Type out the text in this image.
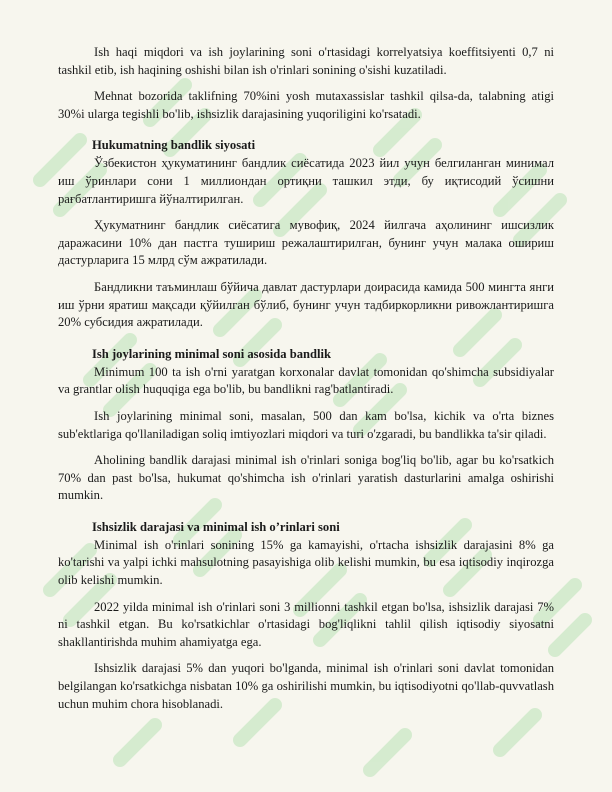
Ish haqi miqdori va ish joylarining soni o'rtasidagi korrelyatsiya koeffitsiyenti 0,7 ni tashkil etib, ish haqining oshishi bilan ish o'rinlari sonining o'sishi kuzatiladi.

Mehnat bozorida taklifning 70%ini yosh mutaxassislar tashkil qilsa-da, talabning atigi 30%i ularga tegishli bo'lib, ishsizlik darajasining yuqoriligini ko'rsatadi.

Hukumatning bandlik siyosati

Ўзбекистон ҳукуматининг бандлик сиёсатида 2023 йил учун белгиланган минимал иш ўринлари сони 1 миллиондан ортиқни ташкил этди, бу иқтисодий ўсишни рағбатлантиришга йўналтирилган.

Ҳукуматнинг бандлик сиёсатига мувофиқ, 2024 йилгача аҳолининг ишсизлик даражасини 10% дан пастга тушириш режалаштирилган, бунинг учун малака ошириш дастурларига 15 млрд сўм ажратилади.

Бандликни таъминлаш бўйича давлат дастурлари доирасида камида 500 мингта янги иш ўрни яратиш мақсади қўйилган бўлиб, бунинг учун тадбиркорликни ривожлантиришга 20% субсидия ажратилади.

Ish joylarining minimal soni asosida bandlik

Minimum 100 ta ish o'rni yaratgan korxonalar davlat tomonidan qo'shimcha subsidiyalar va grantlar olish huquqiga ega bo'lib, bu bandlikni rag'batlantiradi.

Ish joylarining minimal soni, masalan, 500 dan kam bo'lsa, kichik va o'rta biznes sub'ektlariga qo'llaniladigan soliq imtiyozlari miqdori va turi o'zgaradi, bu bandlikka ta'sir qiladi.

Aholining bandlik darajasi minimal ish o'rinlari soniga bog'liq bo'lib, agar bu ko'rsatkich 70% dan past bo'lsa, hukumat qo'shimcha ish o'rinlari yaratish dasturlarini amalga oshirishi mumkin.

Ishsizlik darajasi va minimal ish o’rinlari soni

Minimal ish o'rinlari sonining 15% ga kamayishi, o'rtacha ishsizlik darajasini 8% ga ko'tarishi va yalpi ichki mahsulotning pasayishiga olib kelishi mumkin, bu esa iqtisodiy inqirozga olib kelishi mumkin.

2022 yilda minimal ish o'rinlari soni 3 millionni tashkil etgan bo'lsa, ishsizlik darajasi 7% ni tashkil etgan. Bu ko'rsatkichlar o'rtasidagi bog'liqlikni tahlil qilish iqtisodiy siyosatni shakllantirishda muhim ahamiyatga ega.

Ishsizlik darajasi 5% dan yuqori bo'lganda, minimal ish o'rinlari soni davlat tomonidan belgilangan ko'rsatkichga nisbatan 10% ga oshirilishi mumkin, bu iqtisodiyotni qo'llab-quvvatlash uchun muhim chora hisoblanadi.
